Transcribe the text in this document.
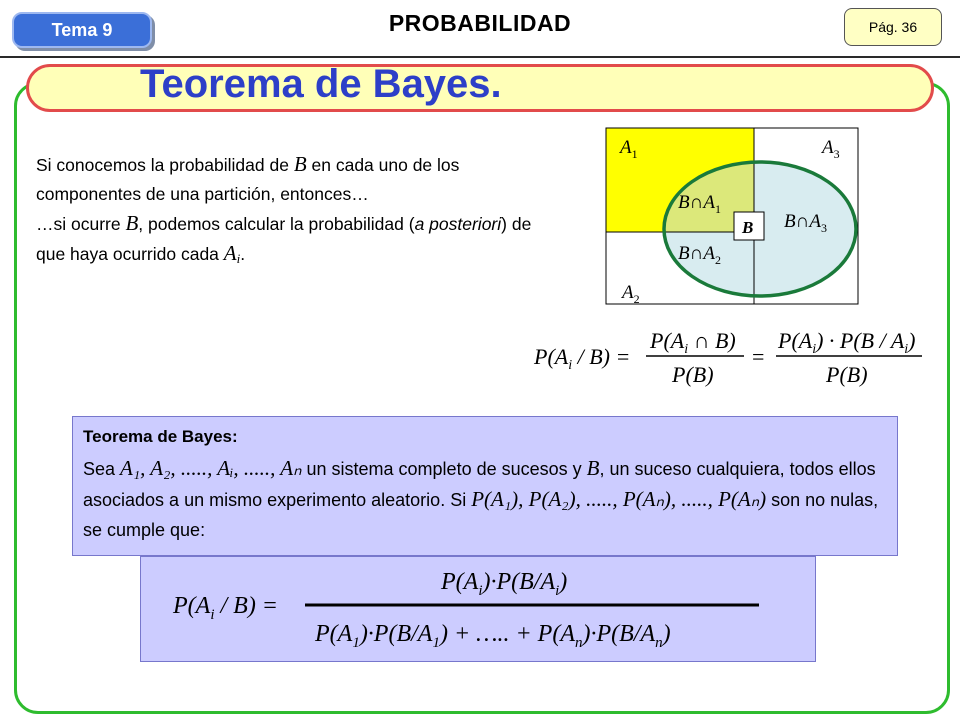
Tema 9	PROBABILIDAD	Pág. 36
Teorema de Bayes.
Si conocemos la probabilidad de B en cada uno de los componentes de una partición, entonces…
…si ocurre B, podemos calcular la probabilidad (a posteriori) de que haya ocurrido cada Ai.
$A_1$	$A_3$
$A_2$
$B\cap A_1$
$B\cap A_2$
$B\cap A_3$
B
$P(A_i / B)$ =
$P(A_i$ ∩ B)
P(B)
=
$P(A_i) \cdot P(B / A_i)$
P(B)
Teorema de Bayes:
Sea A₁, A₂, ....., Aᵢ, ....., Aₙ un sistema completo de sucesos y B, un suceso cualquiera, todos ellos asociados a un mismo experimento aleatorio. Si P(A₁), P(A₂), ....., P(Aₙ), ....., P(Aₙ) son no nulas, se cumple que:
$P(A_i / B)$ =
$P(A_i)\cdot P(B/A_i)$
$P(A_1)\cdot P(B/A_1)$ + ….. + $P(A_n)\cdot P(B/A_n)$
